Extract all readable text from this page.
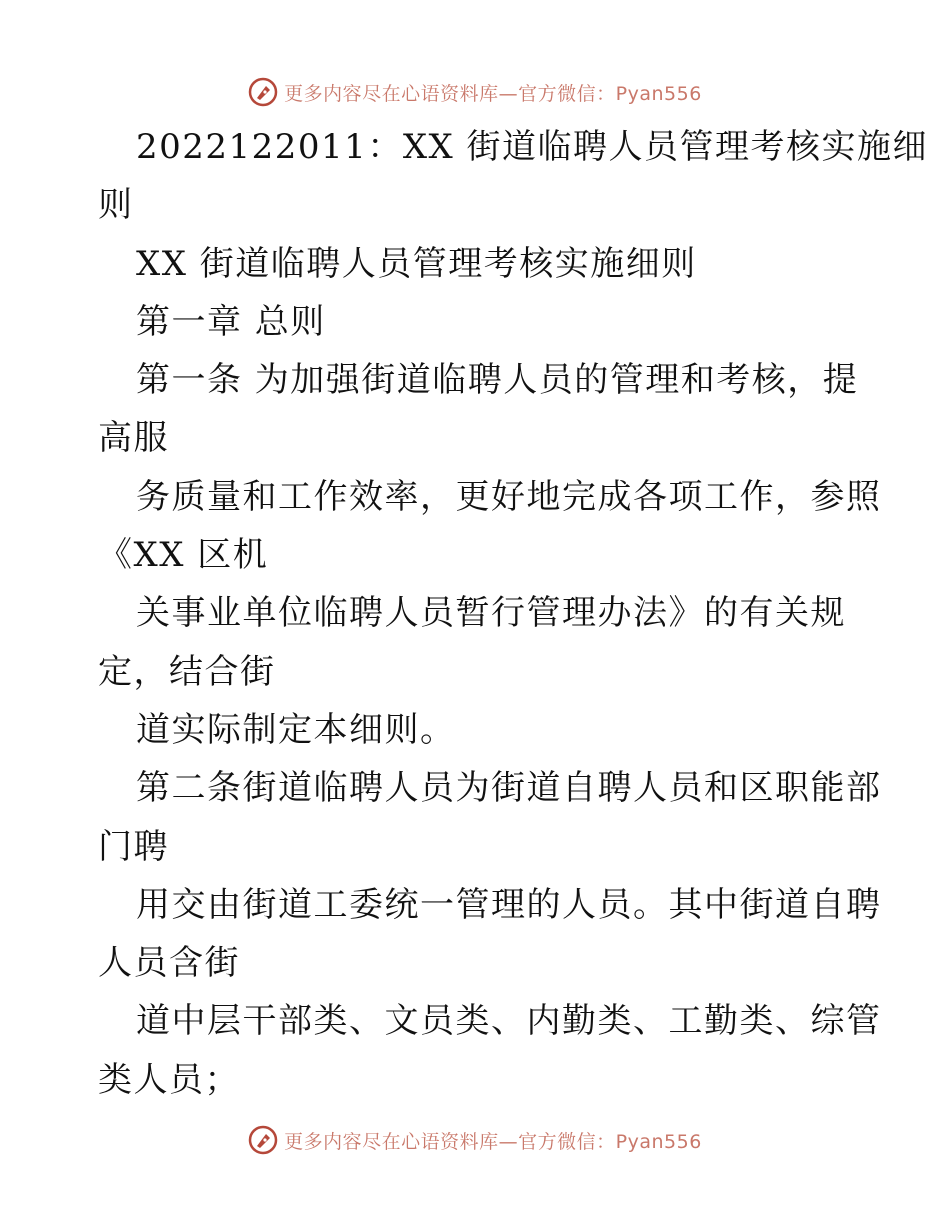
更多内容尽在心语资料库—官方微信：Pyan556
2022122011：XX 街道临聘人员管理考核实施细
则
XX 街道临聘人员管理考核实施细则
第一章 总则
第一条 为加强街道临聘人员的管理和考核，提
高服
务质量和工作效率，更好地完成各项工作，参照
《XX 区机
关事业单位临聘人员暂行管理办法》的有关规
定，结合街
道实际制定本细则。
第二条街道临聘人员为街道自聘人员和区职能部
门聘
用交由街道工委统一管理的人员。其中街道自聘
人员含街
道中层干部类、文员类、内勤类、工勤类、综管
类人员；
更多内容尽在心语资料库—官方微信：Pyan556
